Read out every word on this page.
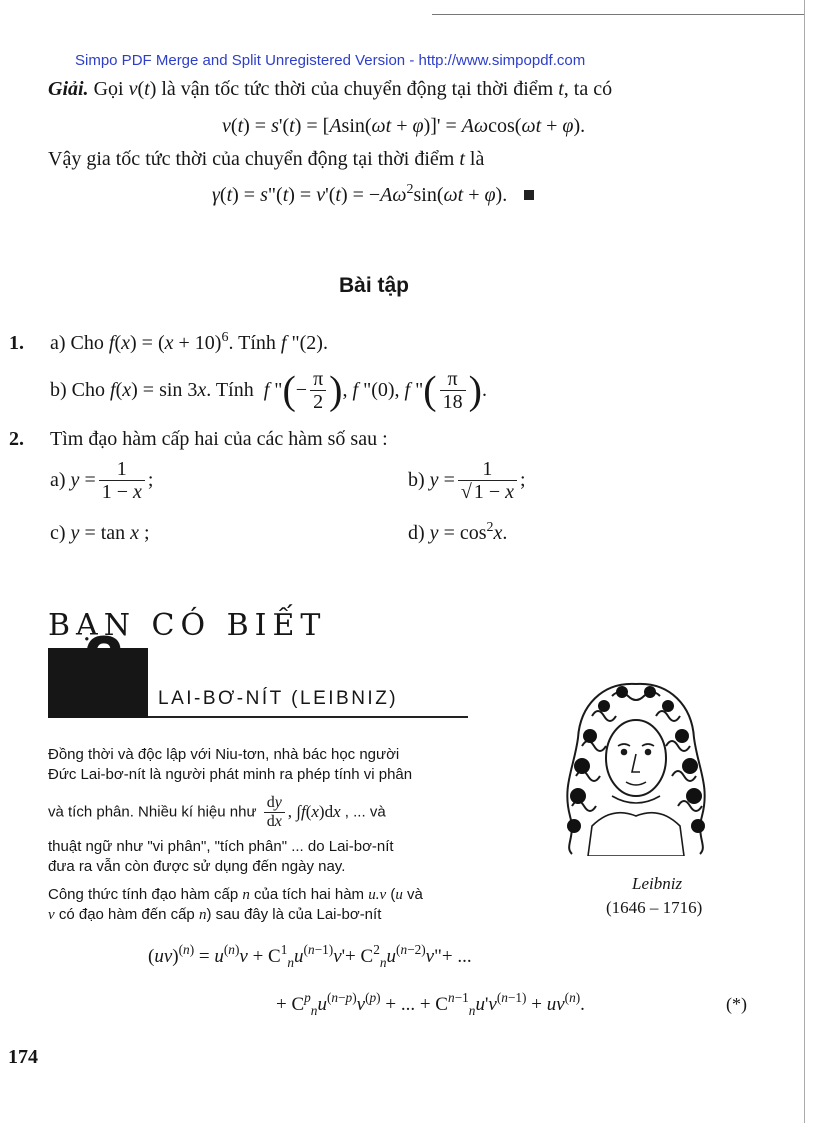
Simpo PDF Merge and Split Unregistered Version - http://www.simpopdf.com
Giải. Gọi v(t) là vận tốc tức thời của chuyển động tại thời điểm t, ta có
v(t) = s'(t) = [Asin(ωt + φ)]' = Aωcos(ωt + φ).
Vậy gia tốc tức thời của chuyển động tại thời điểm t là
γ(t) = s"(t) = $v'(t) = -A\omega^2\sin(\omega t + \varphi)$.
Bài tập
1. a) Cho $f(x) = (x + 10)^6$. Tính f "(2).
b) Cho f(x) = sin 3x. Tính  f "(− $\frac{\pi}{2}$ ), f "(0), f "( $\frac{\pi}{18}$ ).
2. Tìm đạo hàm cấp hai của các hàm số sau :
a) $y = \frac{1}{1 - x}$ ;	b) $y = \frac{1}{√ 1 - x}$ ;
c) y = tan x ;	d) $y = \cos^2x$.
BẠN CÓ BIẾT
2 LAI-BƠ-NÍT (LEIBNIZ)
Đồng thời và độc lập với Niu-tơn, nhà bác học người
Đức Lai-bơ-nít là người phát minh ra phép tính vi phân
và tích phân. Nhiều kí hiệu như $\frac{dy}{dx}$ , ∫f(x)dx , ... và
thuật ngữ như "vi phân", "tích phân" ... do Lai-bơ-nít
đưa ra vẫn còn được sử dụng đến ngày nay.
Công thức tính đạo hàm cấp n của tích hai hàm u.v (u và
v có đạo hàm đến cấp n) sau đây là của Lai-bơ-nít
Leibniz
(1646 – 1716)
$(uv)^{(n)} = u^{(n)}v + C^1_nu^{(n-1)}v'+$ $C^2_nu^{(n-2)}v"+$ ...
+ $C^p_nu^{(n-p)}v^{(p)}$ + ... + $C^{n-1}_nu'v^{(n-1)} + uv^{(n)}$.	(*)
174
